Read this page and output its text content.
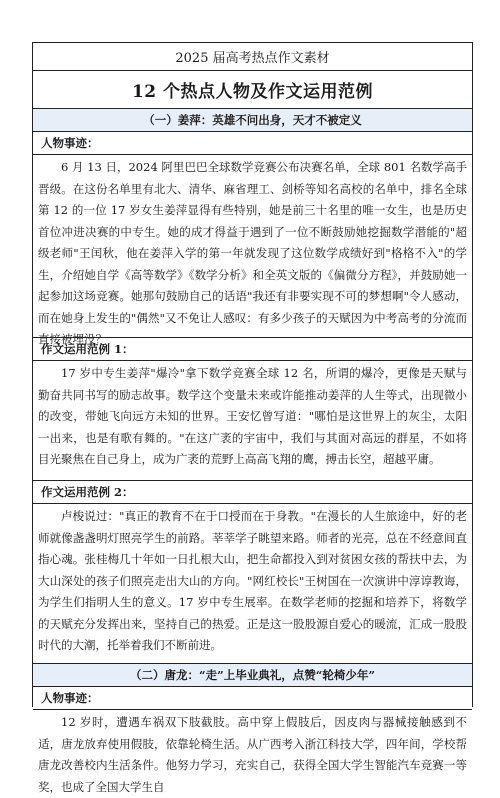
2025 届高考热点作文素材
12 个热点人物及作文运用范例
（一）姜萍：英雄不问出身，天才不被定义
人物事迹：
6 月 13 日，2024 阿里巴巴全球数学竞赛公布决赛名单，全球 801 名数学高手晋级。在这份名单里有北大、清华、麻省理工、剑桥等知名高校的名单中，排名全球第 12 的一位 17 岁女生姜萍显得有些特别，她是前三十名里的唯一女生，也是历史首位冲进决赛的中专生。她的成才得益于遇到了一位不断鼓励她挖掘数学潜能的"超级老师"王闰秋，他在姜萍入学的第一年就发现了这位数学成绩好到"格格不入"的学生，介绍她自学《高等数学》《数学分析》和全英文版的《偏微分方程》，并鼓励她一起参加这场竞赛。她那句鼓励自己的话语"我还有非要实现不可的梦想啊"令人感动，而在她身上发生的"偶然"又不免让人感叹：有多少孩子的天赋因为中考高考的分流而直接被埋没？
作文运用范例 1：
17 岁中专生姜萍"爆冷"拿下数学竞赛全球 12 名，所谓的爆冷，更像是天赋与勤奋共同书写的励志故事。数学这个变量未来或许能推动姜萍的人生等式，出现微小的改变，带她飞向远方未知的世界。王安忆曾写道："哪怕是这世界上的灰尘，太阳一出来，也是有歌有舞的。"在这广袤的宇宙中，我们与其面对高远的群星，不如将目光聚焦在自己身上，成为广袤的荒野上高高飞翔的鹰，搏击长空，超越平庸。
作文运用范例 2：
卢梭说过："真正的教育不在于口授而在于身教。"在漫长的人生旅途中，好的老师就像盏盏明灯照亮学生的前路。莘莘学子眺望来路。师者的光亮，总在不经意间直指心魂。张桂梅几十年如一日扎根大山，把生命都投入到对贫困女孩的帮扶中去，为大山深处的孩子们照亮走出大山的方向。"网红校长"王树国在一次演讲中淳谆教诲，为学生们指明人生的意义。17 岁中专生展率。在数学老师的挖掘和培养下，将数学的天赋充分发挥出来，坚持自己的热爱。正是这一股股源自爱心的暖流，汇成一股股时代的大潮，托举着我们不断前进。
（二）唐龙：“走”上毕业典礼，点赞“轮椅少年”
人物事迹：
12 岁时，遭遇车祸双下肢截肢。高中穿上假肢后，因皮肉与器械接触感到不适，唐龙放弃使用假肢，依靠轮椅生活。从广西考入浙江科技大学，四年间，学校帮唐龙改善校内生活条件。他努力学习，充实自己，获得全国大学生智能汽车竞赛一等奖，也成了全国大学生自
